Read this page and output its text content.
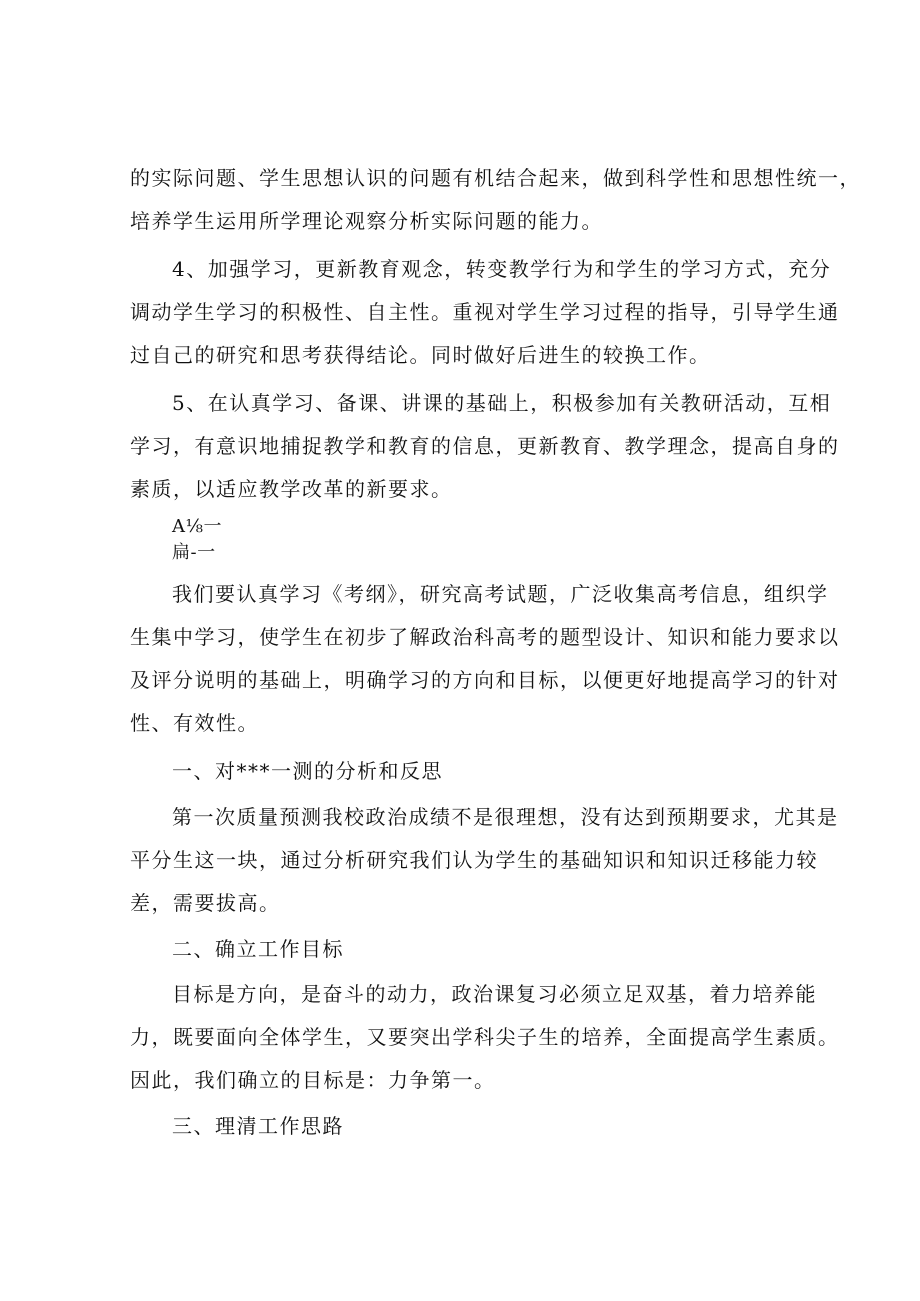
的实际问题、学生思想认识的问题有机结合起来，做到科学性和思想性统一，
培养学生运用所学理论观察分析实际问题的能力。
4、加强学习，更新教育观念，转变教学行为和学生的学习方式，充分
调动学生学习的积极性、自主性。重视对学生学习过程的指导，引导学生通
过自己的研究和思考获得结论。同时做好后进生的较换工作。
5、在认真学习、备课、讲课的基础上，积极参加有关教研活动，互相
学习，有意识地捕捉教学和教育的信息，更新教育、教学理念，提高自身的
素质，以适应教学改革的新要求。
A⅛一
扁-一
我们要认真学习《考纲》，研究高考试题，广泛收集高考信息，组织学
生集中学习，使学生在初步了解政治科高考的题型设计、知识和能力要求以
及评分说明的基础上，明确学习的方向和目标，以便更好地提高学习的针对
性、有效性。
一、对***一测的分析和反思
第一次质量预测我校政治成绩不是很理想，没有达到预期要求，尤其是
平分生这一块，通过分析研究我们认为学生的基础知识和知识迁移能力较
差，需要拔高。
二、确立工作目标
目标是方向，是奋斗的动力，政治课复习必须立足双基，着力培养能
力，既要面向全体学生，又要突出学科尖子生的培养，全面提高学生素质。
因此，我们确立的目标是：力争第一。
三、理清工作思路
